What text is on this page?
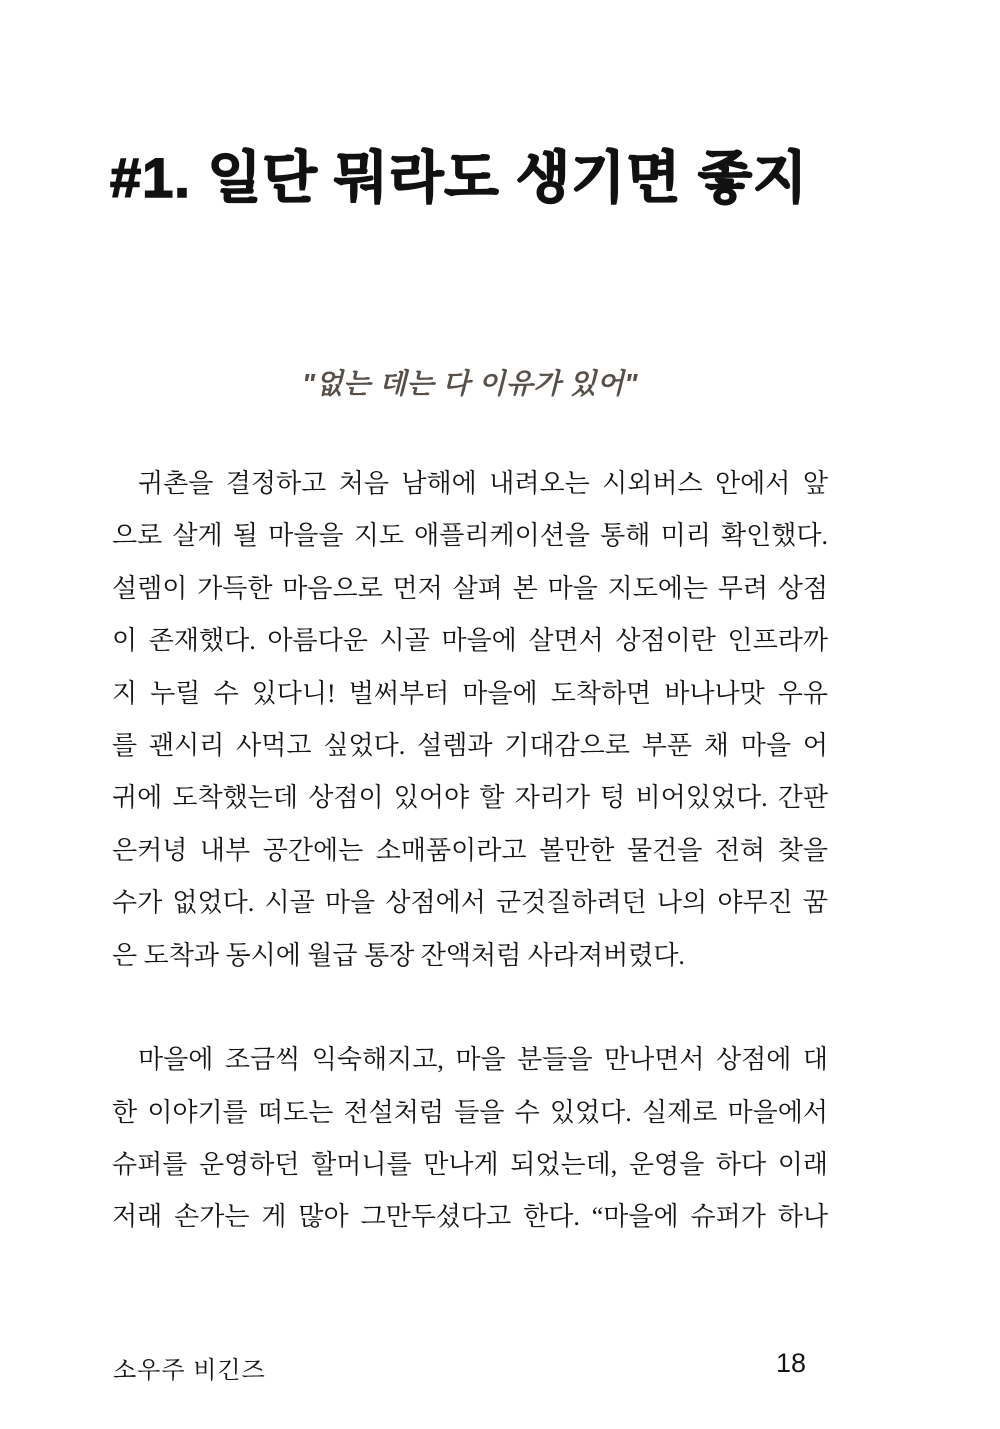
#1. 일단 뭐라도 생기면 좋지
"없는 데는 다 이유가 있어"
귀촌을 결정하고 처음 남해에 내려오는 시외버스 안에서 앞
으로 살게 될 마을을 지도 애플리케이션을 통해 미리 확인했다.
설렘이 가득한 마음으로 먼저 살펴 본 마을 지도에는 무려 상점
이 존재했다. 아름다운 시골 마을에 살면서 상점이란 인프라까
지 누릴 수 있다니! 벌써부터 마을에 도착하면 바나나맛 우유
를 괜시리 사먹고 싶었다. 설렘과 기대감으로 부푼 채 마을 어
귀에 도착했는데 상점이 있어야 할 자리가 텅 비어있었다. 간판
은커녕 내부 공간에는 소매품이라고 볼만한 물건을 전혀 찾을
수가 없었다. 시골 마을 상점에서 군것질하려던 나의 야무진 꿈
은 도착과 동시에 월급 통장 잔액처럼 사라져버렸다.
마을에 조금씩 익숙해지고, 마을 분들을 만나면서 상점에 대
한 이야기를 떠도는 전설처럼 들을 수 있었다. 실제로 마을에서
슈퍼를 운영하던 할머니를 만나게 되었는데, 운영을 하다 이래
저래 손가는 게 많아 그만두셨다고 한다. “마을에 슈퍼가 하나
소우주 비긴즈	18
